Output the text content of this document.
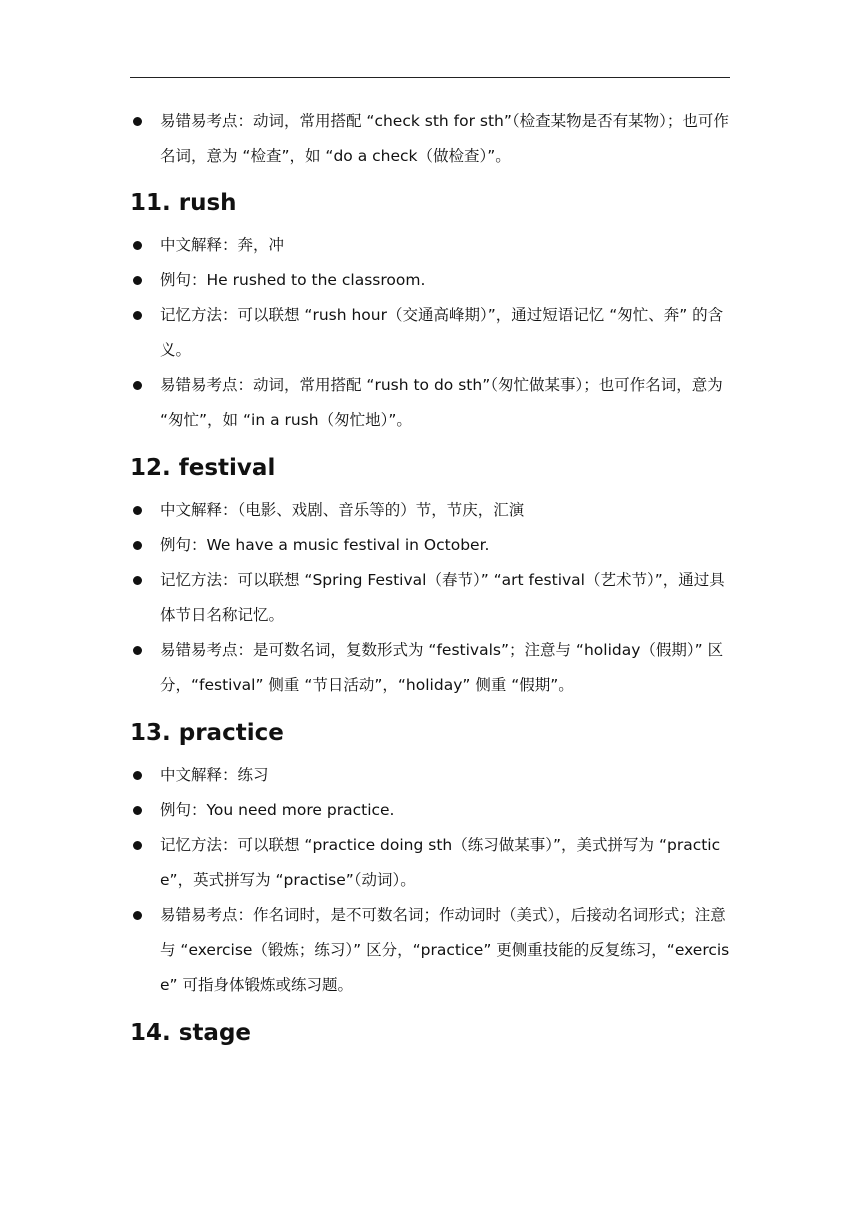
易错易考点：动词，常用搭配 “check sth for sth”（检查某物是否有某物）；也可作名词，意为 “检查”，如 “do a check（做检查）”。
11. rush
中文解释：奔，冲
例句：He rushed to the classroom.
记忆方法：可以联想 “rush hour（交通高峰期）”，通过短语记忆 “匆忙、奔” 的含义。
易错易考点：动词，常用搭配 “rush to do sth”（匆忙做某事）；也可作名词，意为 “匆忙”，如 “in a rush（匆忙地）”。
12. festival
中文解释：（电影、戏剧、音乐等的）节，节庆，汇演
例句：We have a music festival in October.
记忆方法：可以联想 “Spring Festival（春节）” “art festival（艺术节）”，通过具体节日名称记忆。
易错易考点：是可数名词，复数形式为 “festivals”；注意与 “holiday（假期）” 区分，“festival” 侧重 “节日活动”，“holiday” 侧重 “假期”。
13. practice
中文解释：练习
例句：You need more practice.
记忆方法：可以联想 “practice doing sth（练习做某事）”，美式拼写为 “practice”，英式拼写为 “practise”（动词）。
易错易考点：作名词时，是不可数名词；作动词时（美式），后接动名词形式；注意与 “exercise（锻炼；练习）” 区分，“practice” 更侧重技能的反复练习，“exercise” 可指身体锻炼或练习题。
14. stage
